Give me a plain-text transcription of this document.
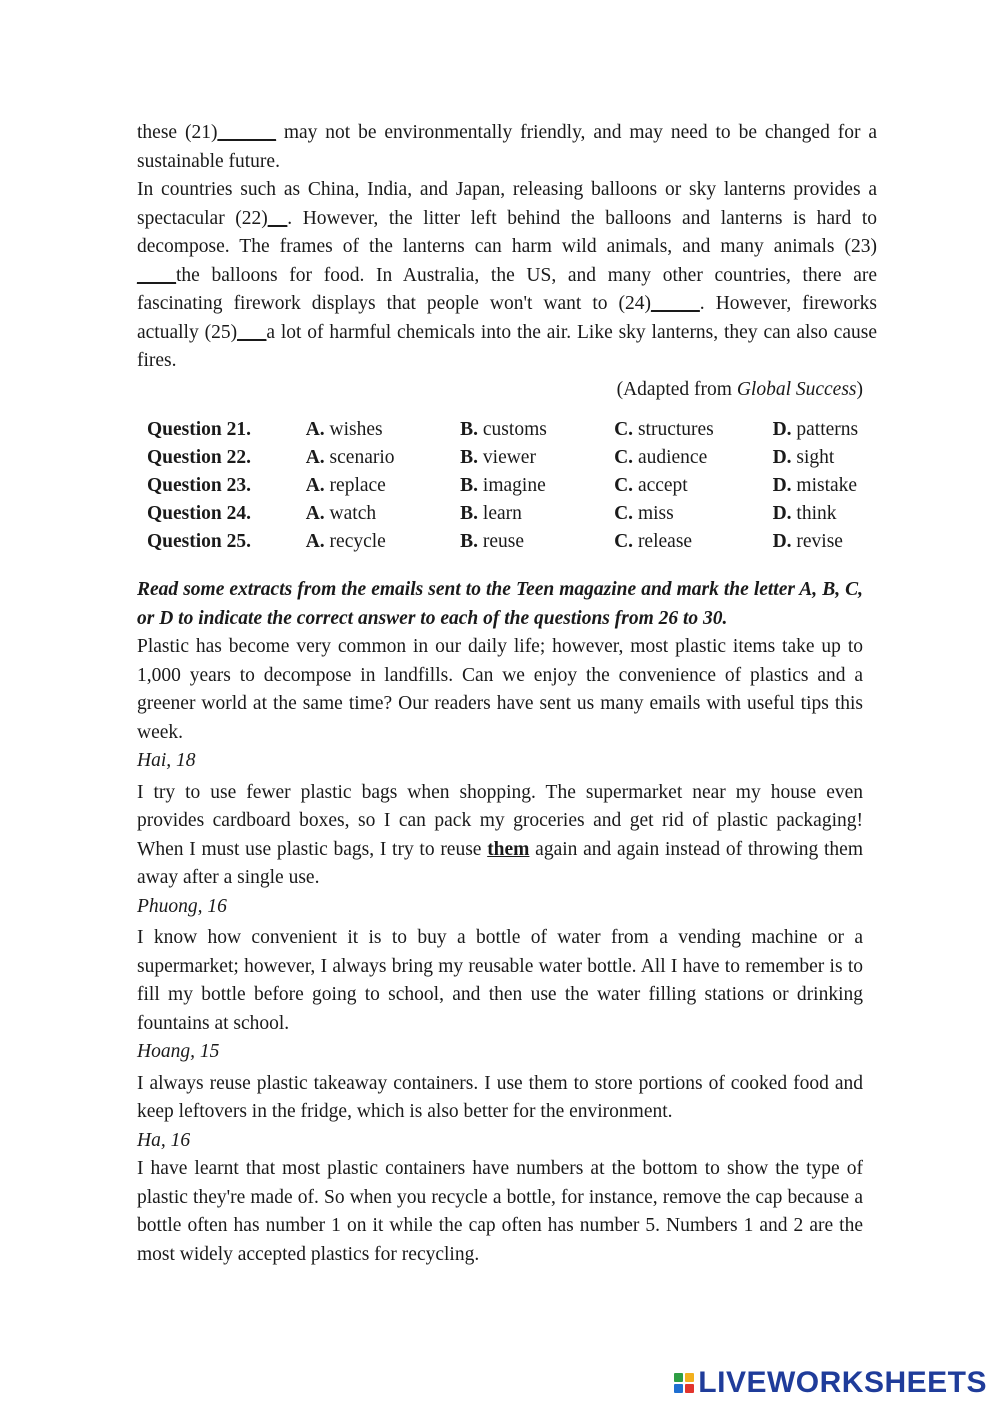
these (21)______ may not be environmentally friendly, and may need to be changed for a sustainable future.

In countries such as China, India, and Japan, releasing balloons or sky lanterns provides a spectacular (22)__. However, the litter left behind the balloons and lanterns is hard to decompose. The frames of the lanterns can harm wild animals, and many animals (23) ____the balloons for food. In Australia, the US, and many other countries, there are fascinating firework displays that people won't want to (24)_____. However, fireworks actually (25)___a lot of harmful chemicals into the air. Like sky lanterns, they can also cause fires.

(Adapted from Global Success)

Question 21.	A. wishes	B. customs	C. structures	D. patterns
Question 22.	A. scenario	B. viewer	C. audience	D. sight
Question 23.	A. replace	B. imagine	C. accept	D. mistake
Question 24.	A. watch	B. learn	C. miss	D. think
Question 25.	A. recycle	B. reuse	C. release	D. revise

Read some extracts from the emails sent to the Teen magazine and mark the letter A, B, C, or D to indicate the correct answer to each of the questions from 26 to 30.

Plastic has become very common in our daily life; however, most plastic items take up to 1,000 years to decompose in landfills. Can we enjoy the convenience of plastics and a greener world at the same time? Our readers have sent us many emails with useful tips this week.

Hai, 18

I try to use fewer plastic bags when shopping. The supermarket near my house even provides cardboard boxes, so I can pack my groceries and get rid of plastic packaging! When I must use plastic bags, I try to reuse them again and again instead of throwing them away after a single use.

Phuong, 16

I know how convenient it is to buy a bottle of water from a vending machine or a supermarket; however, I always bring my reusable water bottle. All I have to remember is to fill my bottle before going to school, and then use the water filling stations or drinking fountains at school.

Hoang, 15

I always reuse plastic takeaway containers. I use them to store portions of cooked food and keep leftovers in the fridge, which is also better for the environment.

Ha, 16

I have learnt that most plastic containers have numbers at the bottom to show the type of plastic they're made of. So when you recycle a bottle, for instance, remove the cap because a bottle often has number 1 on it while the cap often has number 5. Numbers 1 and 2 are the most widely accepted plastics for recycling.

LIVEWORKSHEETS
